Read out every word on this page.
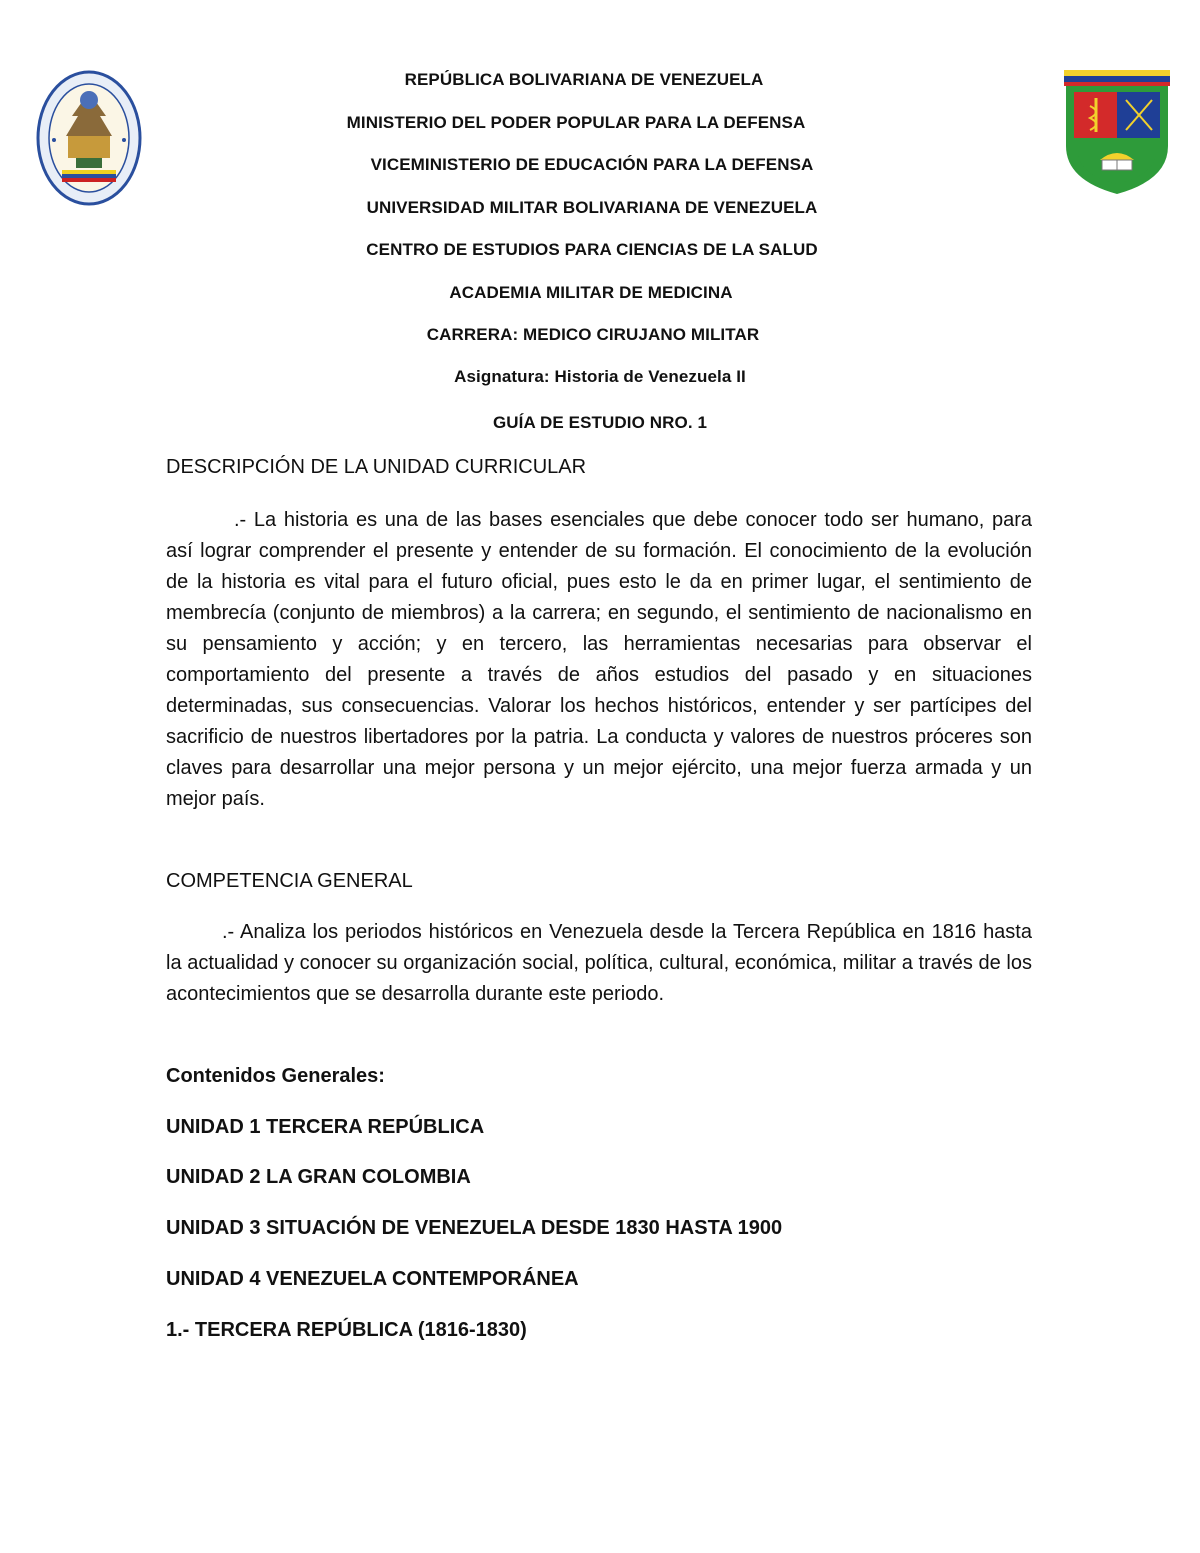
REPÚBLICA BOLIVARIANA DE VENEZUELA
MINISTERIO DEL PODER POPULAR PARA LA DEFENSA
VICEMINISTERIO DE EDUCACIÓN PARA LA DEFENSA
UNIVERSIDAD MILITAR BOLIVARIANA DE VENEZUELA
CENTRO DE ESTUDIOS PARA CIENCIAS DE LA SALUD
ACADEMIA MILITAR DE MEDICINA
CARRERA: MEDICO CIRUJANO MILITAR
Asignatura: Historia de Venezuela II
GUÍA DE ESTUDIO NRO. 1
DESCRIPCIÓN DE LA UNIDAD CURRICULAR
.- La historia es una de las bases esenciales que debe conocer todo ser humano, para así lograr comprender el presente y entender de su formación. El conocimiento de la evolución de la historia es vital para el futuro oficial, pues esto le da en primer lugar, el sentimiento de membrecía (conjunto de miembros) a la carrera; en segundo, el sentimiento de nacionalismo en su pensamiento y acción; y en tercero, las herramientas necesarias para observar el comportamiento del presente a través de años estudios del pasado y en situaciones determinadas, sus consecuencias. Valorar los hechos históricos, entender y ser partícipes del sacrificio de nuestros libertadores por la patria. La conducta y valores de nuestros próceres son claves para desarrollar una mejor persona y un mejor ejército, una mejor fuerza armada y un mejor país.
COMPETENCIA GENERAL
.- Analiza los periodos históricos en Venezuela desde la Tercera República en 1816 hasta la actualidad y conocer su organización social, política, cultural, económica, militar a través de los acontecimientos que se desarrolla durante este periodo.
Contenidos Generales:
UNIDAD 1 TERCERA REPÚBLICA
UNIDAD 2 LA GRAN COLOMBIA
UNIDAD 3 SITUACIÓN DE VENEZUELA DESDE 1830 HASTA 1900
UNIDAD 4 VENEZUELA CONTEMPORÁNEA
1.- TERCERA REPÚBLICA (1816-1830)
